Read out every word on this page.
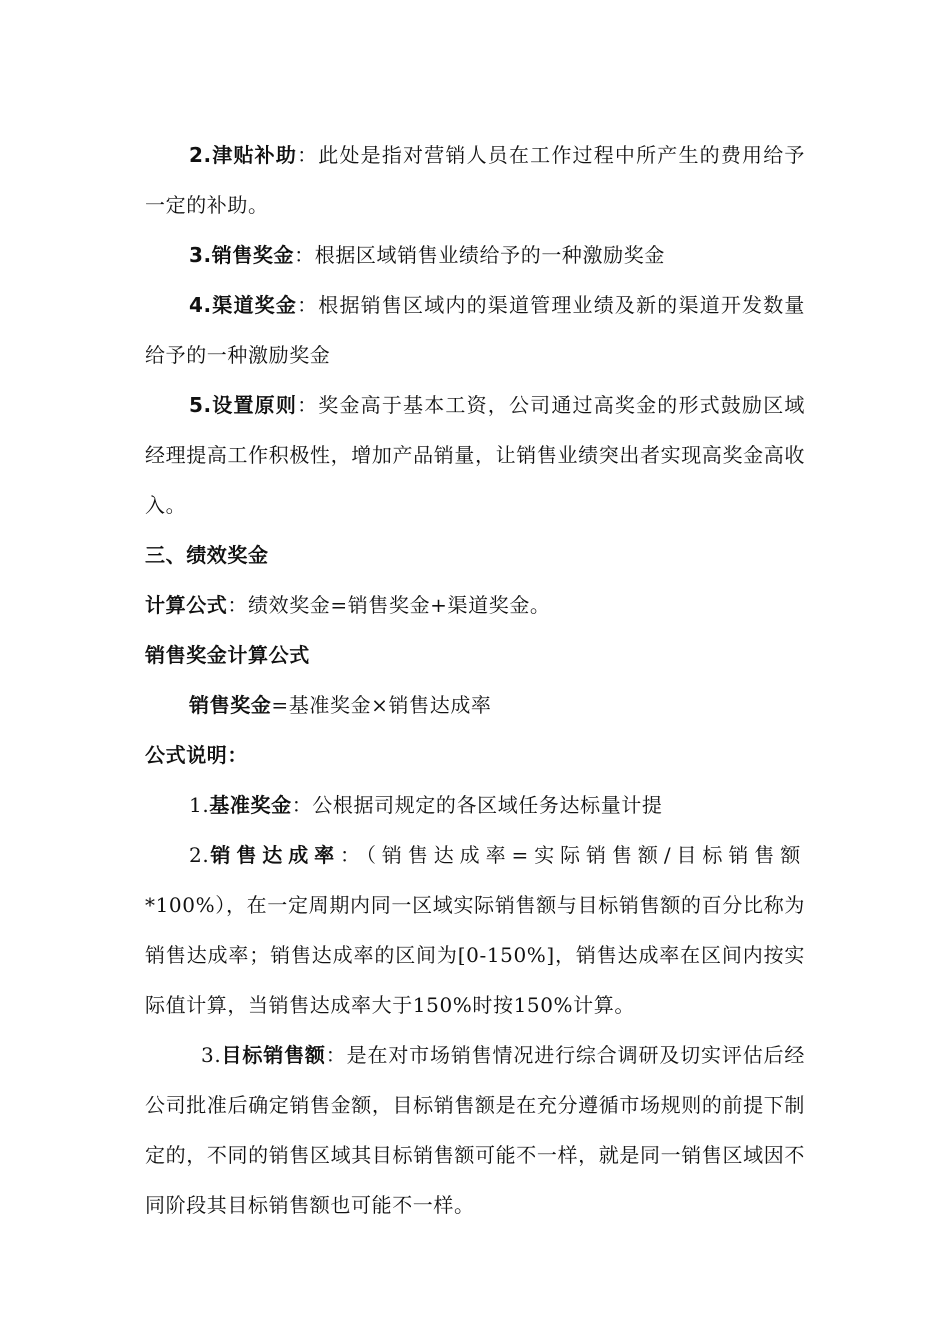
2.津贴补助：此处是指对营销人员在工作过程中所产生的费用给予一定的补助。

3.销售奖金：根据区域销售业绩给予的一种激励奖金

4.渠道奖金：根据销售区域内的渠道管理业绩及新的渠道开发数量给予的一种激励奖金

5.设置原则：奖金高于基本工资，公司通过高奖金的形式鼓励区域经理提高工作积极性，增加产品销量，让销售业绩突出者实现高奖金高收入。

三、绩效奖金

计算公式：绩效奖金=销售奖金+渠道奖金。

销售奖金计算公式

销售奖金=基准奖金×销售达成率

公式说明：

1.基准奖金：公根据司规定的各区域任务达标量计提

2.销售达成率：（销售达成率=实际销售额/目标销售额*100%），在一定周期内同一区域实际销售额与目标销售额的百分比称为销售达成率；销售达成率的区间为[0-150%]，销售达成率在区间内按实际值计算，当销售达成率大于150%时按150%计算。

3.目标销售额：是在对市场销售情况进行综合调研及切实评估后经公司批准后确定销售金额，目标销售额是在充分遵循市场规则的前提下制定的，不同的销售区域其目标销售额可能不一样，就是同一销售区域因不同阶段其目标销售额也可能不一样。
